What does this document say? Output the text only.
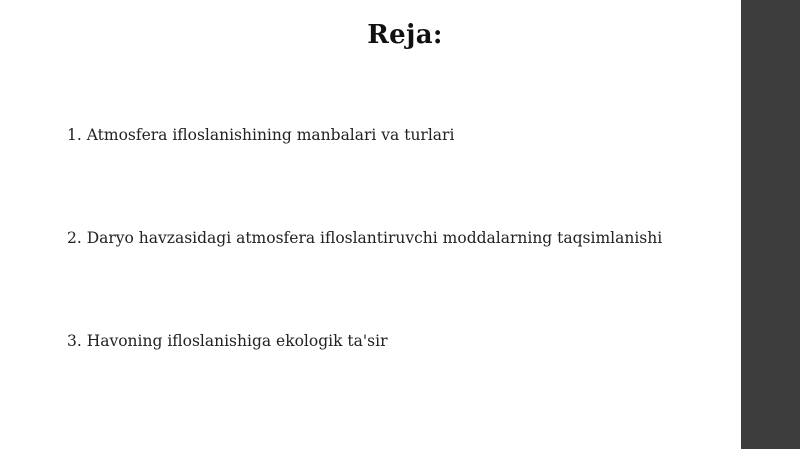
Reja:
1. Atmosfera ifloslanishining manbalari va turlari
2. Daryo havzasidagi atmosfera ifloslantiruvchi moddalarning taqsimlanishi
3. Havoning ifloslanishiga ekologik ta'sir
